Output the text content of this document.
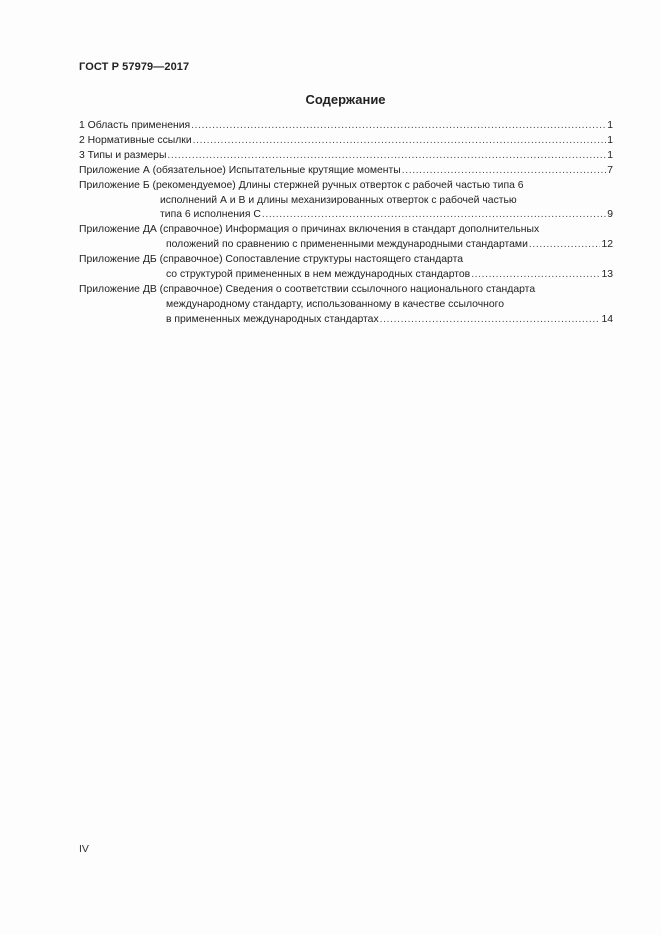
ГОСТ Р 57979—2017
Содержание
1 Область применения .....	1
2 Нормативные ссылки .....	1
3 Типы и размеры .....	1
Приложение А (обязательное) Испытательные крутящие моменты .....	7
Приложение Б (рекомендуемое) Длины стержней ручных отверток с рабочей частью типа 6
исполнений А и В и длины механизированных отверток с рабочей частью
типа 6 исполнения С .....	9
Приложение ДА (справочное) Информация о причинах включения в стандарт дополнительных
положений по сравнению с примененными международными стандартами .....	12
Приложение ДБ (справочное) Сопоставление структуры настоящего стандарта
со структурой примененных в нем международных стандартов .....	13
Приложение ДВ (справочное) Сведения о соответствии ссылочного национального стандарта
международному стандарту, использованному в качестве ссылочного
в примененных международных стандартах .....	14
IV
